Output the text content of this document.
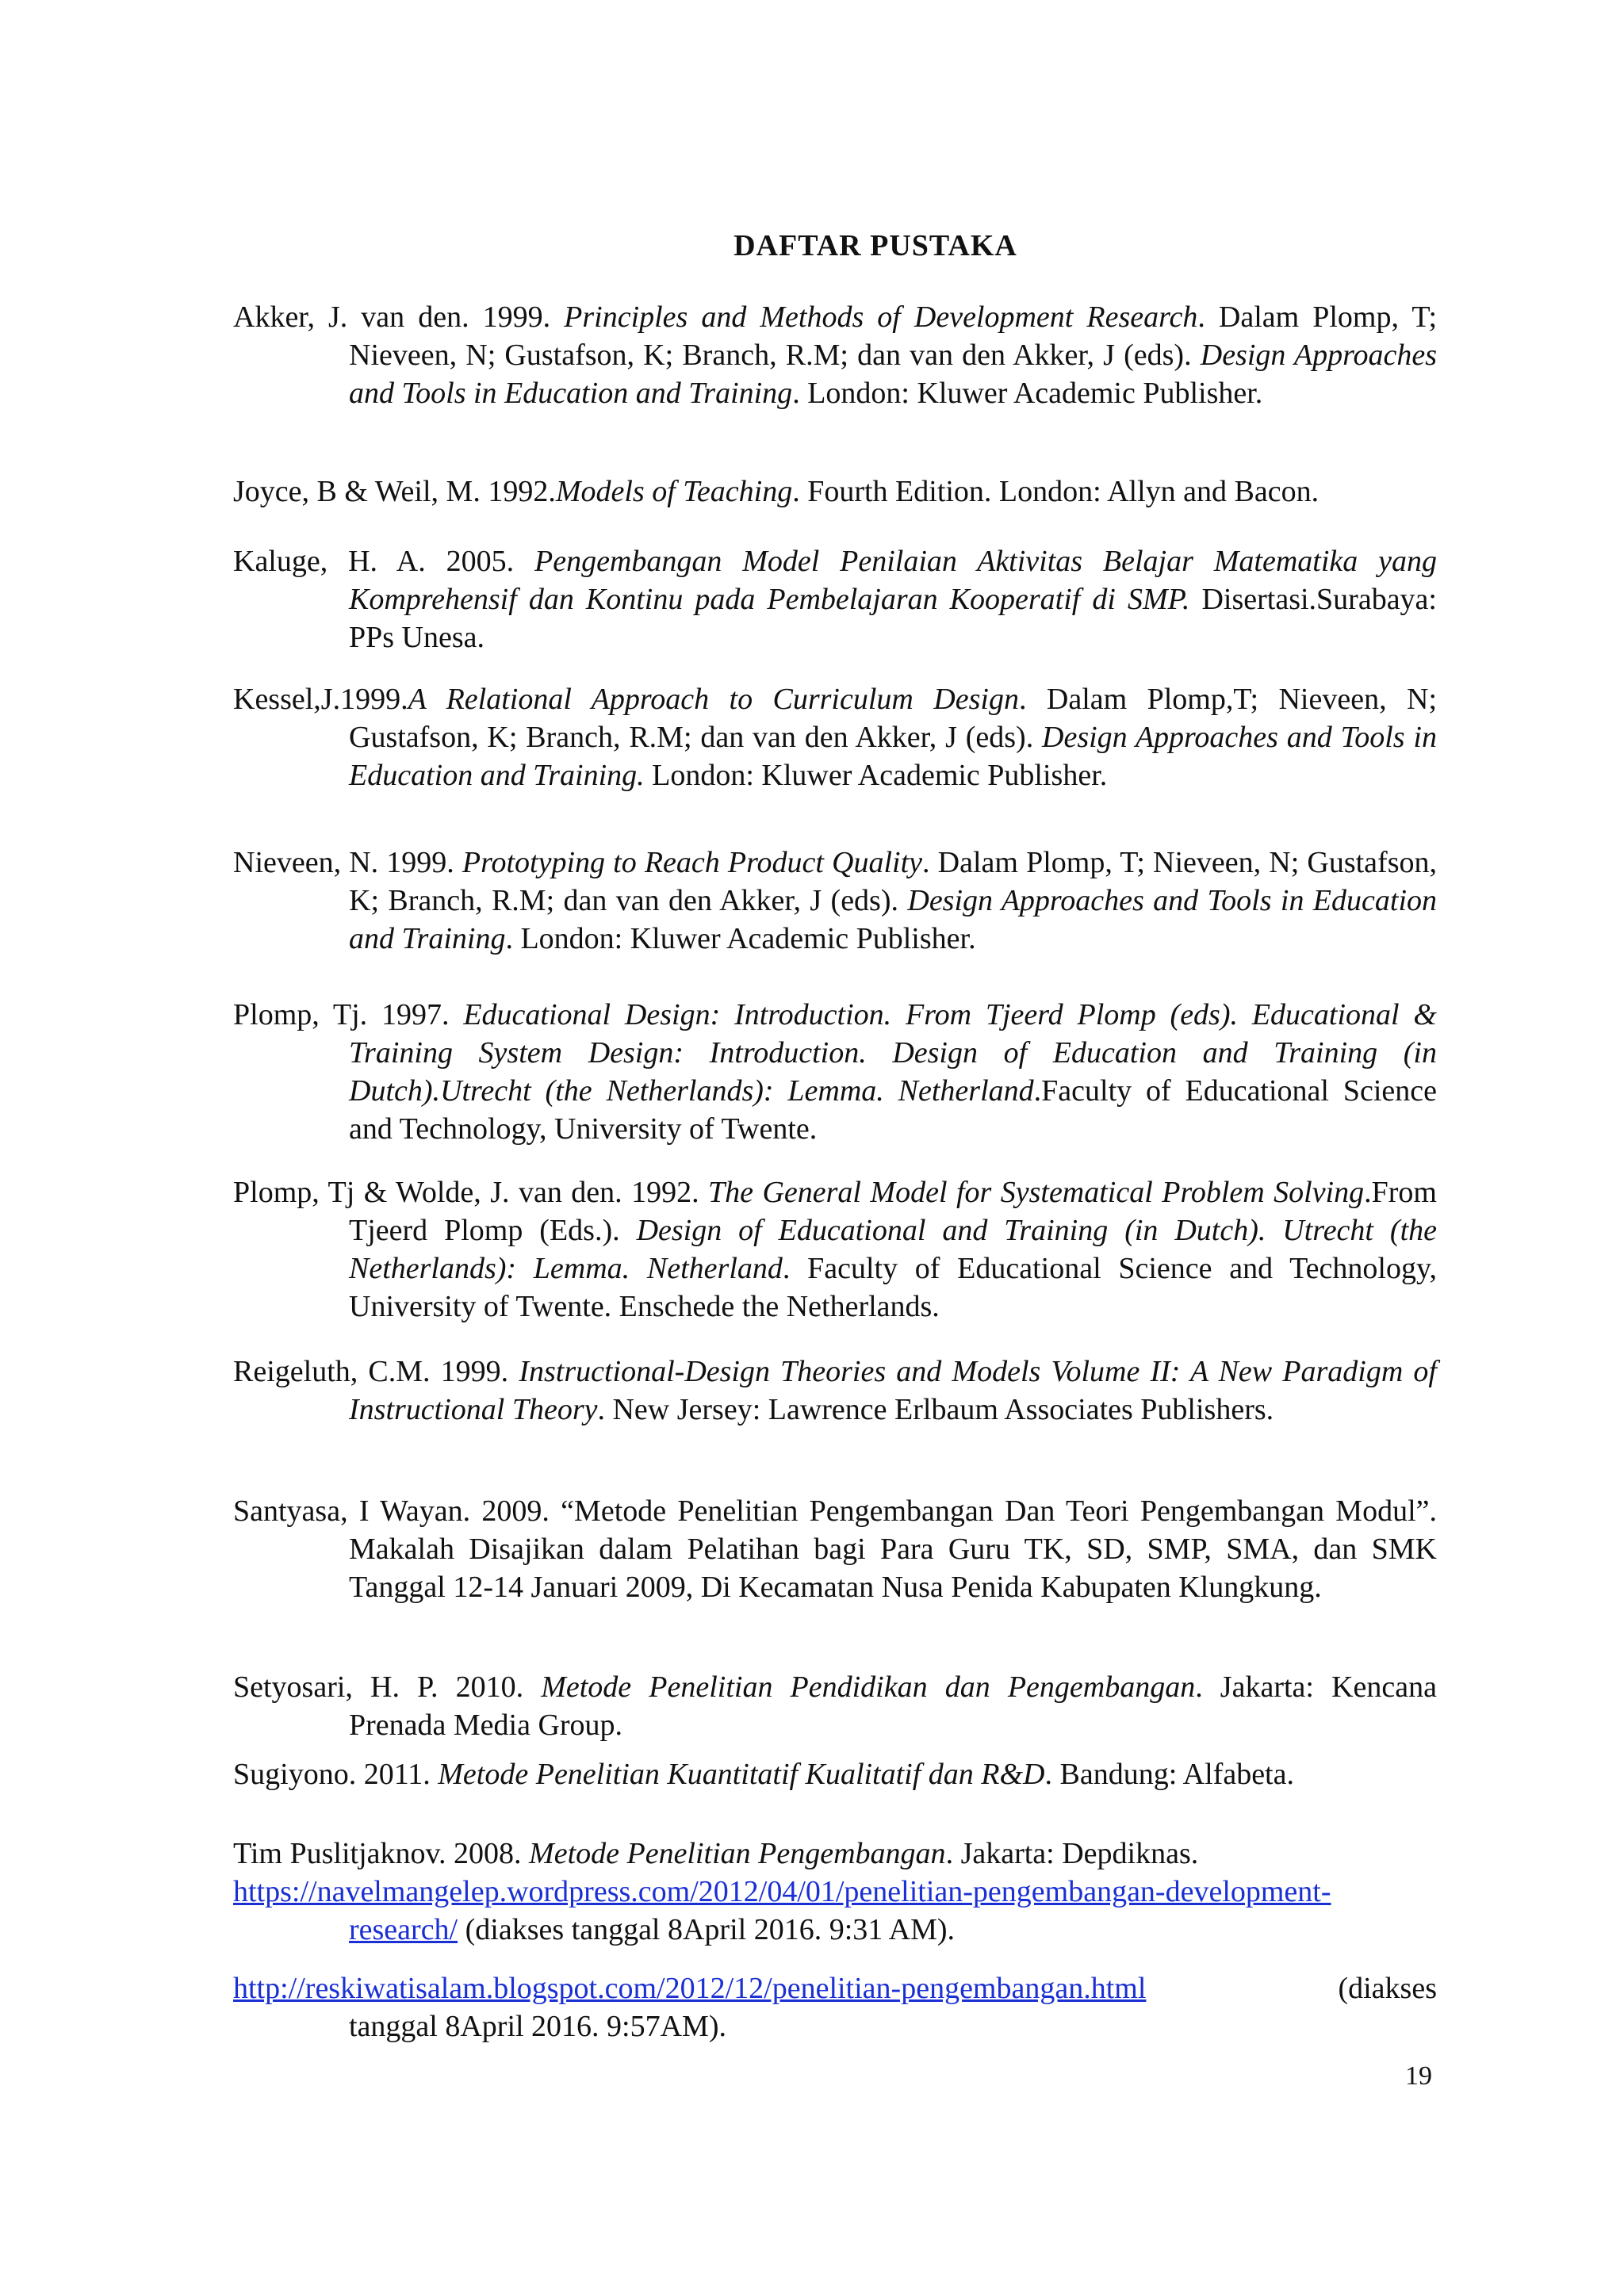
DAFTAR PUSTAKA
Akker, J. van den. 1999. Principles and Methods of Development Research. Dalam Plomp, T; Nieveen, N; Gustafson, K; Branch, R.M; dan van den Akker, J (eds). Design Approaches and Tools in Education and Training. London: Kluwer Academic Publisher.
Joyce, B & Weil, M. 1992.Models of Teaching. Fourth Edition. London: Allyn and Bacon.
Kaluge, H. A. 2005. Pengembangan Model Penilaian Aktivitas Belajar Matematika yang Komprehensif dan Kontinu pada Pembelajaran Kooperatif di SMP. Disertasi.Surabaya: PPs Unesa.
Kessel,J.1999.A Relational Approach to Curriculum Design. Dalam Plomp,T; Nieveen, N; Gustafson, K; Branch, R.M; dan van den Akker, J (eds). Design Approaches and Tools in Education and Training. London: Kluwer Academic Publisher.
Nieveen, N. 1999. Prototyping to Reach Product Quality. Dalam Plomp, T; Nieveen, N; Gustafson, K; Branch, R.M; dan van den Akker, J (eds). Design Approaches and Tools in Education and Training. London: Kluwer Academic Publisher.
Plomp, Tj. 1997. Educational Design: Introduction. From Tjeerd Plomp (eds). Educational & Training System Design: Introduction. Design of Education and Training (in Dutch).Utrecht (the Netherlands): Lemma. Netherland.Faculty of Educational Science and Technology, University of Twente.
Plomp, Tj & Wolde, J. van den. 1992. The General Model for Systematical Problem Solving.From Tjeerd Plomp (Eds.). Design of Educational and Training (in Dutch). Utrecht (the Netherlands): Lemma. Netherland. Faculty of Educational Science and Technology, University of Twente. Enschede the Netherlands.
Reigeluth, C.M. 1999. Instructional-Design Theories and Models Volume II: A New Paradigm of Instructional Theory. New Jersey: Lawrence Erlbaum Associates Publishers.
Santyasa, I Wayan. 2009. “Metode Penelitian Pengembangan Dan Teori Pengembangan Modul”. Makalah Disajikan dalam Pelatihan bagi Para Guru TK, SD, SMP, SMA, dan SMK Tanggal 12-14 Januari 2009, Di Kecamatan Nusa Penida Kabupaten Klungkung.
Setyosari, H. P. 2010. Metode Penelitian Pendidikan dan Pengembangan. Jakarta: Kencana Prenada Media Group.
Sugiyono. 2011. Metode Penelitian Kuantitatif Kualitatif dan R&D. Bandung: Alfabeta.
Tim Puslitjaknov. 2008. Metode Penelitian Pengembangan. Jakarta: Depdiknas.
https://navelmangelep.wordpress.com/2012/04/01/penelitian-pengembangan-development-research/ (diakses tanggal 8April 2016. 9:31 AM).
http://reskiwatisalam.blogspot.com/2012/12/penelitian-pengembangan.html	(diakses

tanggal 8April 2016. 9:57AM).
19
